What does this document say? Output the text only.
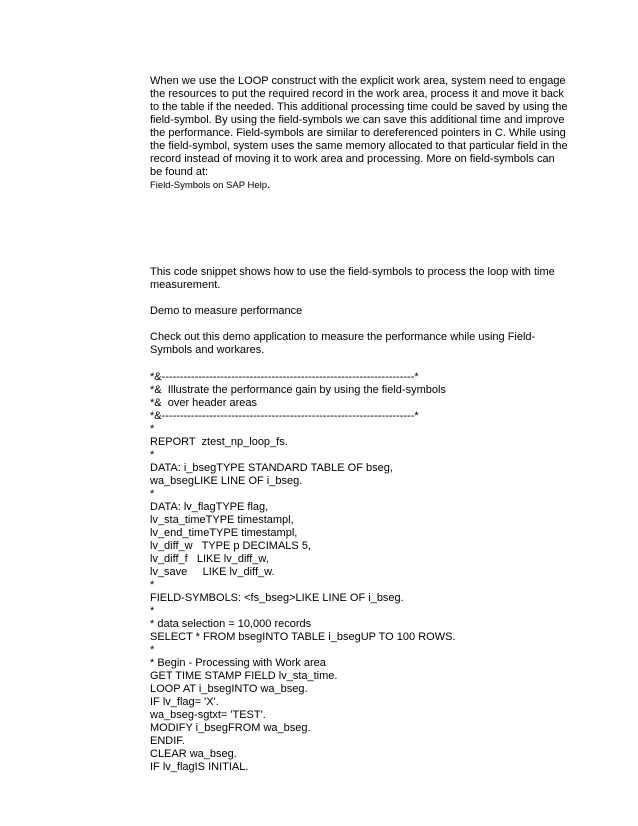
When we use the LOOP construct with the explicit work area, system need to engage the resources to put the required record in the work area, process it and move it back to the table if the needed. This additional processing time could be saved by using the field-symbol. By using the field-symbols we can save this additional time and improve the performance. Field-symbols are similar to dereferenced pointers in C. While using the field-symbol, system uses the same memory allocated to that particular field in the record instead of moving it to work area and processing. More on field-symbols can be found at:
Field-Symbols on SAP Help.

This code snippet shows how to use the field-symbols to process the loop with time measurement.

Demo to measure performance

Check out this demo application to measure the performance while using Field-Symbols and workares.

*&---------------------------------------------------------------------*
*&  Illustrate the performance gain by using the field-symbols
*&  over header areas
*&---------------------------------------------------------------------*
*
REPORT  ztest_np_loop_fs.
*
DATA: i_bsegTYPE STANDARD TABLE OF bseg,
wa_bsegLIKE LINE OF i_bseg.
*
DATA: lv_flagTYPE flag,
lv_sta_timeTYPE timestampl,
lv_end_timeTYPE timestampl,
lv_diff_w   TYPE p DECIMALS 5,
lv_diff_f   LIKE lv_diff_w,
lv_save     LIKE lv_diff_w.
*
FIELD-SYMBOLS: <fs_bseg>LIKE LINE OF i_bseg.
*
* data selection = 10,000 records
SELECT * FROM bsegINTO TABLE i_bsegUP TO 100 ROWS.
*
* Begin - Processing with Work area
GET TIME STAMP FIELD lv_sta_time.
LOOP AT i_bsegINTO wa_bseg.
IF lv_flag= 'X'.
wa_bseg-sgtxt= 'TEST'.
MODIFY i_bsegFROM wa_bseg.
ENDIF.
CLEAR wa_bseg.
IF lv_flagIS INITIAL.
